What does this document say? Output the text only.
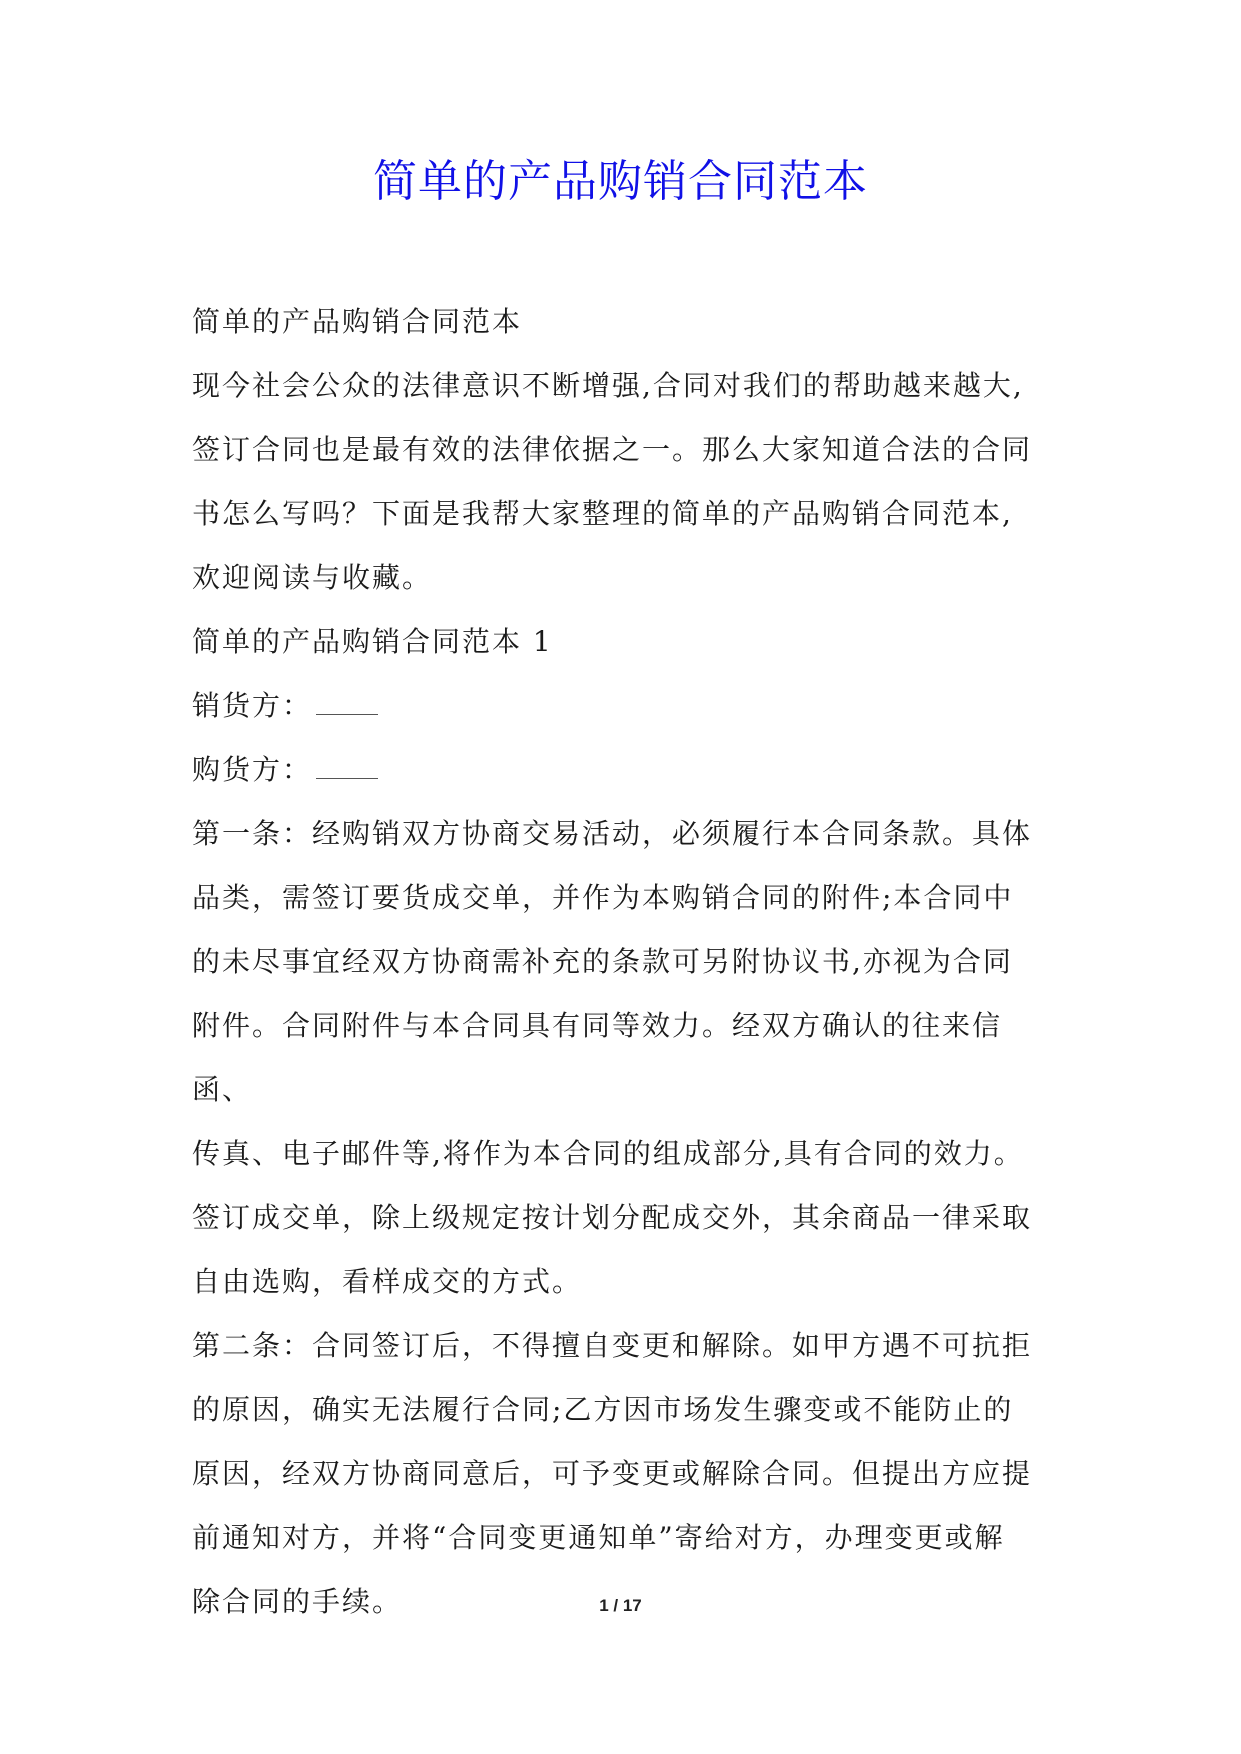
简单的产品购销合同范本

简单的产品购销合同范本

现今社会公众的法律意识不断增强,合同对我们的帮助越来越大,

签订合同也是最有效的法律依据之一。那么大家知道合法的合同

书怎么写吗？下面是我帮大家整理的简单的产品购销合同范本,

欢迎阅读与收藏。

简单的产品购销合同范本 1

销货方：

购货方：

第一条：经购销双方协商交易活动，必须履行本合同条款。具体

品类，需签订要货成交单，并作为本购销合同的附件;本合同中

的未尽事宜经双方协商需补充的条款可另附协议书,亦视为合同

附件。合同附件与本合同具有同等效力。经双方确认的往来信函、

传真、电子邮件等,将作为本合同的组成部分,具有合同的效力。

签订成交单，除上级规定按计划分配成交外，其余商品一律采取

自由选购，看样成交的方式。

第二条：合同签订后，不得擅自变更和解除。如甲方遇不可抗拒

的原因，确实无法履行合同;乙方因市场发生骤变或不能防止的

原因，经双方协商同意后，可予变更或解除合同。但提出方应提

前通知对方，并将“合同变更通知单”寄给对方，办理变更或解

除合同的手续。	1 / 17
